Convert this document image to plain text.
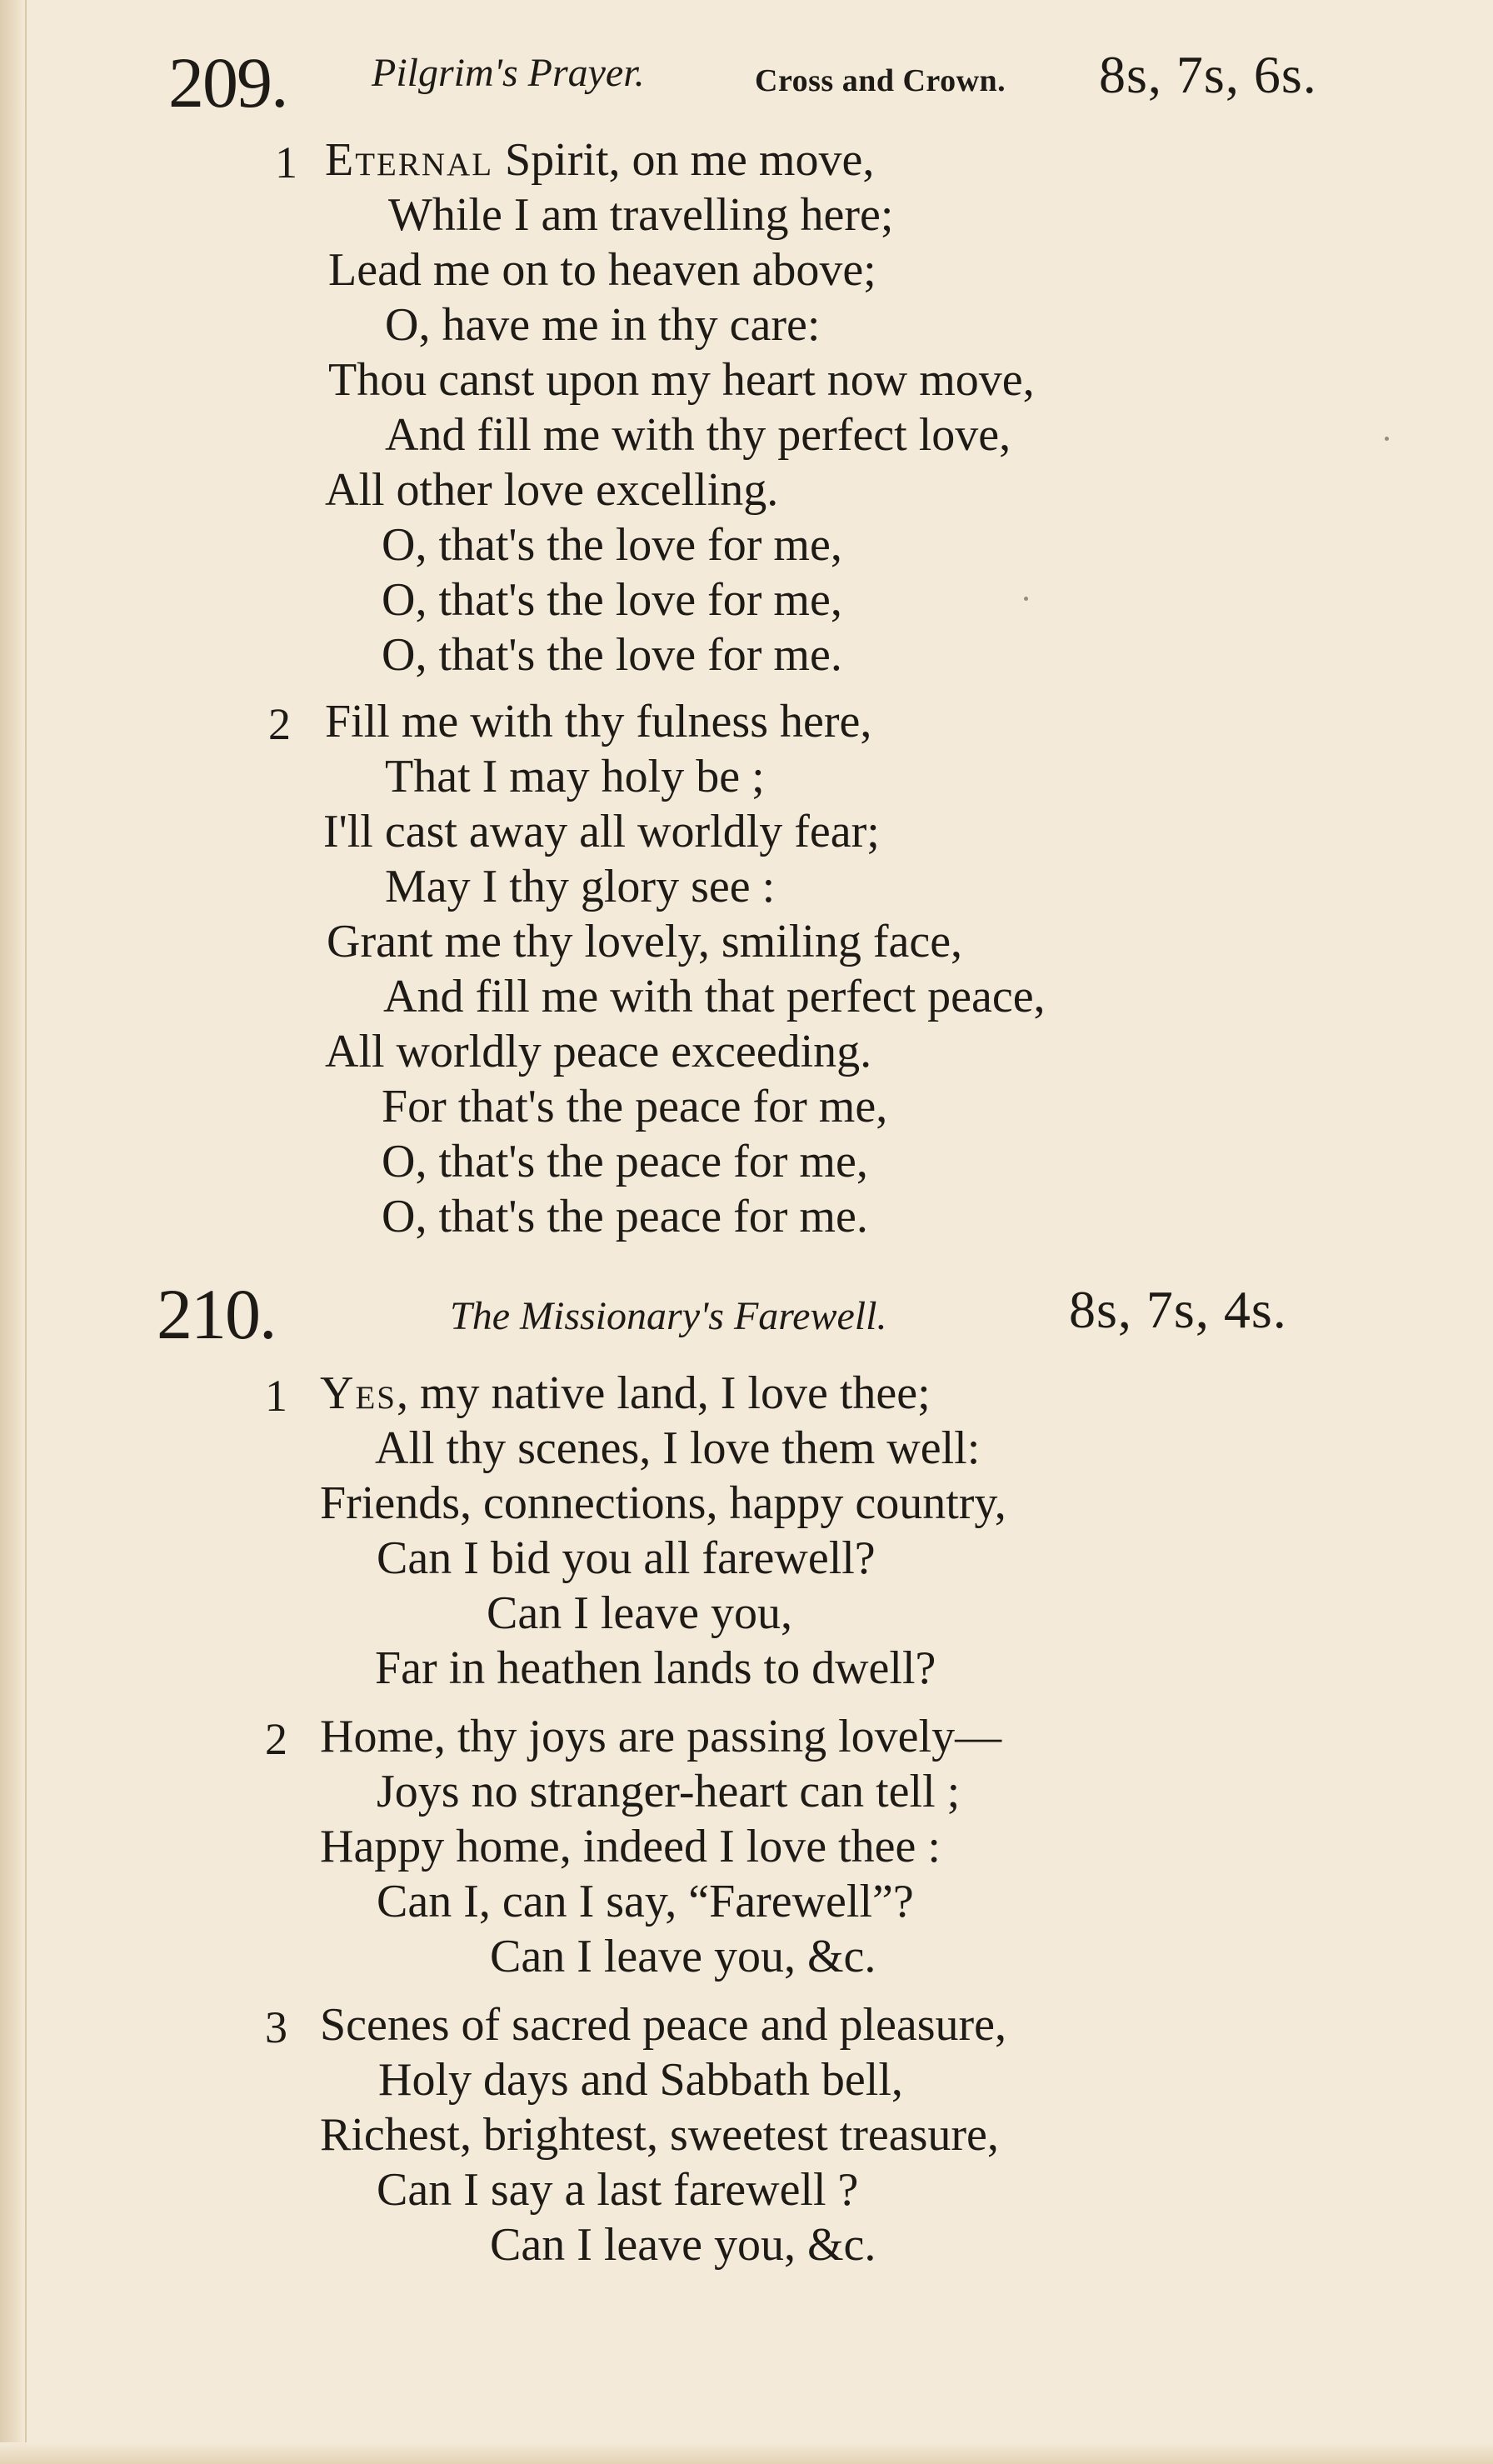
209. Pilgrim's Prayer.	Cross and Crown. 8s, 7s, 6s.
1 Eternal Spirit, on me move,
While I am travelling here;
Lead me on to heaven above;
O, have me in thy care:
Thou canst upon my heart now move,
And fill me with thy perfect love,
All other love excelling.
O, that's the love for me,
O, that's the love for me,
O, that's the love for me.
2 Fill me with thy fulness here,
That I may holy be ;
I'll cast away all worldly fear;
May I thy glory see :
Grant me thy lovely, smiling face,
And fill me with that perfect peace,
All worldly peace exceeding.
For that's the peace for me,
O, that's the peace for me,
O, that's the peace for me.
210.	The Missionary's Farewell.	8s, 7s, 4s.
1 Yes, my native land, I love thee;
All thy scenes, I love them well:
Friends, connections, happy country,
Can I bid you all farewell?
Can I leave you,
Far in heathen lands to dwell?
2 Home, thy joys are passing lovely—
Joys no stranger-heart can tell ;
Happy home, indeed I love thee :
Can I, can I say, “Farewell”?
Can I leave you, &c.
3 Scenes of sacred peace and pleasure,
Holy days and Sabbath bell,
Richest, brightest, sweetest treasure,
Can I say a last farewell ?
Can I leave you, &c.
